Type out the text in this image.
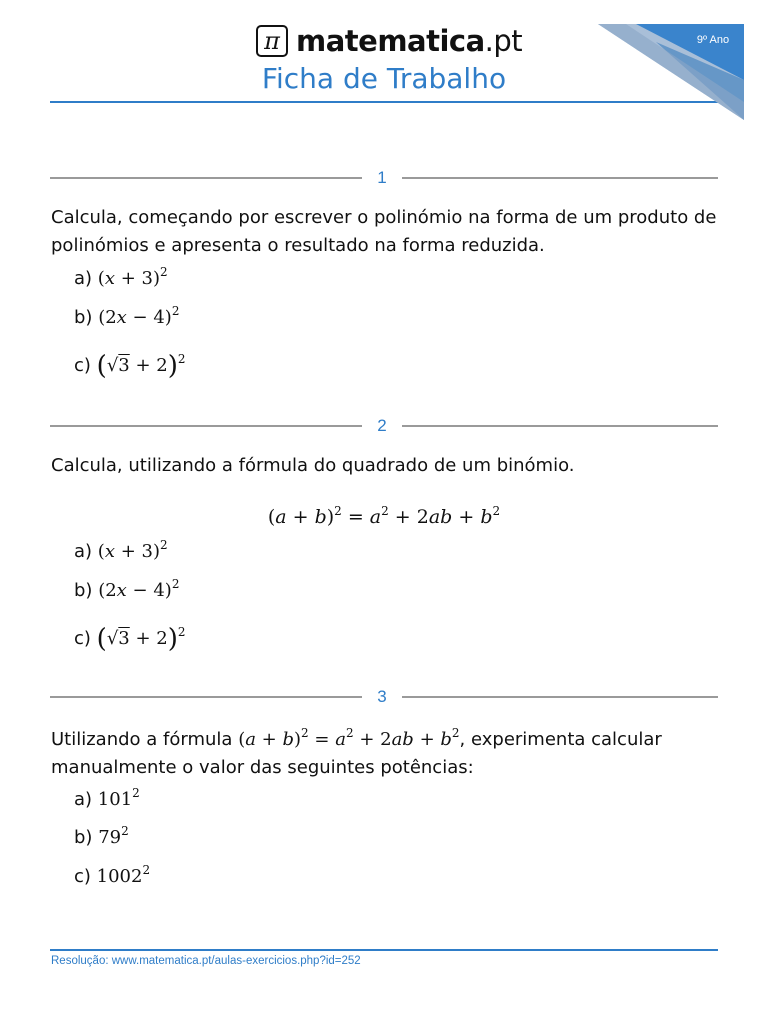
π matematica.pt
Ficha de Trabalho
9º Ano
1
Calcula, começando por escrever o polinómio na forma de um produto de polinómios e apresenta o resultado na forma reduzida.
a) $(x + 3)^2$
b) $(2x - 4)^2$
c) $(√3 + 2)^2$
2
Calcula, utilizando a fórmula do quadrado de um binómio.
$(a + b)^2 = a^2 + 2ab + b^2$
a) $(x + 3)^2$
b) $(2x - 4)^2$
c) $(√3 + 2)^2$
3
Utilizando a fórmula $(a + b)^2 = a^2 + 2ab + b^2$, experimenta calcular manualmente o valor das seguintes potências:
a) $101^2$
b) $79^2$
c) 1002$^2$
Resolução: www.matematica.pt/aulas-exercicios.php?id=252
